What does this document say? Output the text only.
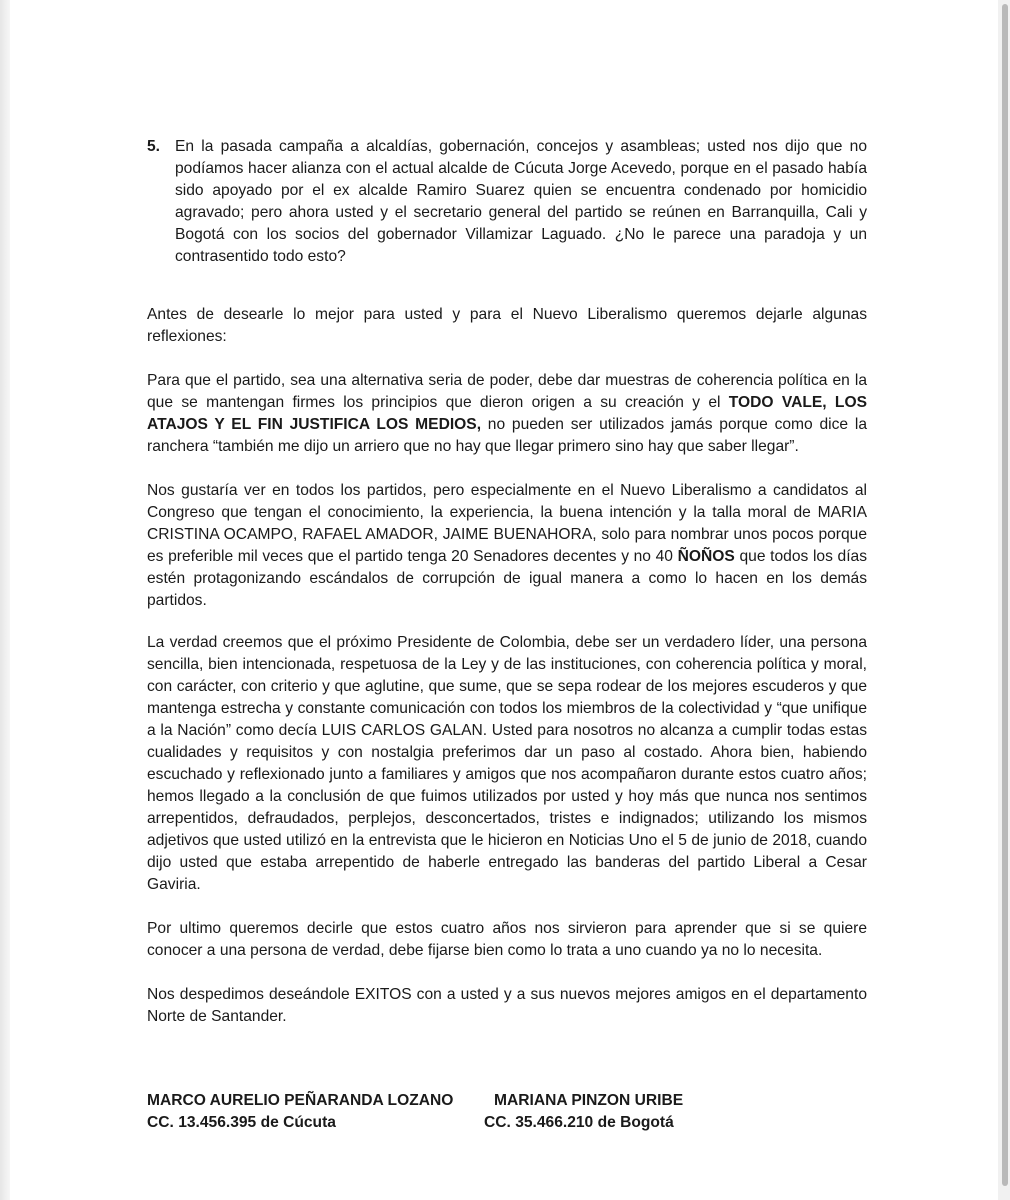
5. En la pasada campaña a alcaldías, gobernación, concejos y asambleas; usted nos dijo que no podíamos hacer alianza con el actual alcalde de Cúcuta Jorge Acevedo, porque en el pasado había sido apoyado por el ex alcalde Ramiro Suarez quien se encuentra condenado por homicidio agravado; pero ahora usted y el secretario general del partido se reúnen en Barranquilla, Cali y Bogotá con los socios del gobernador Villamizar Laguado. ¿No le parece una paradoja y un contrasentido todo esto?

Antes de desearle lo mejor para usted y para el Nuevo Liberalismo queremos dejarle algunas reflexiones:

Para que el partido, sea una alternativa seria de poder, debe dar muestras de coherencia política en la que se mantengan firmes los principios que dieron origen a su creación y el TODO VALE, LOS ATAJOS Y EL FIN JUSTIFICA LOS MEDIOS, no pueden ser utilizados jamás porque como dice la ranchera “también me dijo un arriero que no hay que llegar primero sino hay que saber llegar”.

Nos gustaría ver en todos los partidos, pero especialmente en el Nuevo Liberalismo a candidatos al Congreso que tengan el conocimiento, la experiencia, la buena intención y la talla moral de MARIA CRISTINA OCAMPO, RAFAEL AMADOR, JAIME BUENAHORA, solo para nombrar unos pocos porque es preferible mil veces que el partido tenga 20 Senadores decentes y no 40 ÑOÑOS que todos los días estén protagonizando escándalos de corrupción de igual manera a como lo hacen en los demás partidos.

La verdad creemos que el próximo Presidente de Colombia, debe ser un verdadero líder, una persona sencilla, bien intencionada, respetuosa de la Ley y de las instituciones, con coherencia política y moral, con carácter, con criterio y que aglutine, que sume, que se sepa rodear de los mejores escuderos y que mantenga estrecha y constante comunicación con todos los miembros de la colectividad y “que unifique a la Nación” como decía LUIS CARLOS GALAN. Usted para nosotros no alcanza a cumplir todas estas cualidades y requisitos y con nostalgia preferimos dar un paso al costado. Ahora bien, habiendo escuchado y reflexionado junto a familiares y amigos que nos acompañaron durante estos cuatro años; hemos llegado a la conclusión de que fuimos utilizados por usted y hoy más que nunca nos sentimos arrepentidos, defraudados, perplejos, desconcertados, tristes e indignados; utilizando los mismos adjetivos que usted utilizó en la entrevista que le hicieron en Noticias Uno el 5 de junio de 2018, cuando dijo usted que estaba arrepentido de haberle entregado las banderas del partido Liberal a Cesar Gaviria.

Por ultimo queremos decirle que estos cuatro años nos sirvieron para aprender que si se quiere conocer a una persona de verdad, debe fijarse bien como lo trata a uno cuando ya no lo necesita.

Nos despedimos deseándole EXITOS con a usted y a sus nuevos mejores amigos en el departamento Norte de Santander.

MARCO AURELIO PEÑARANDA LOZANO
CC. 13.456.395 de Cúcuta
MARIANA PINZON URIBE
CC. 35.466.210 de Bogotá
